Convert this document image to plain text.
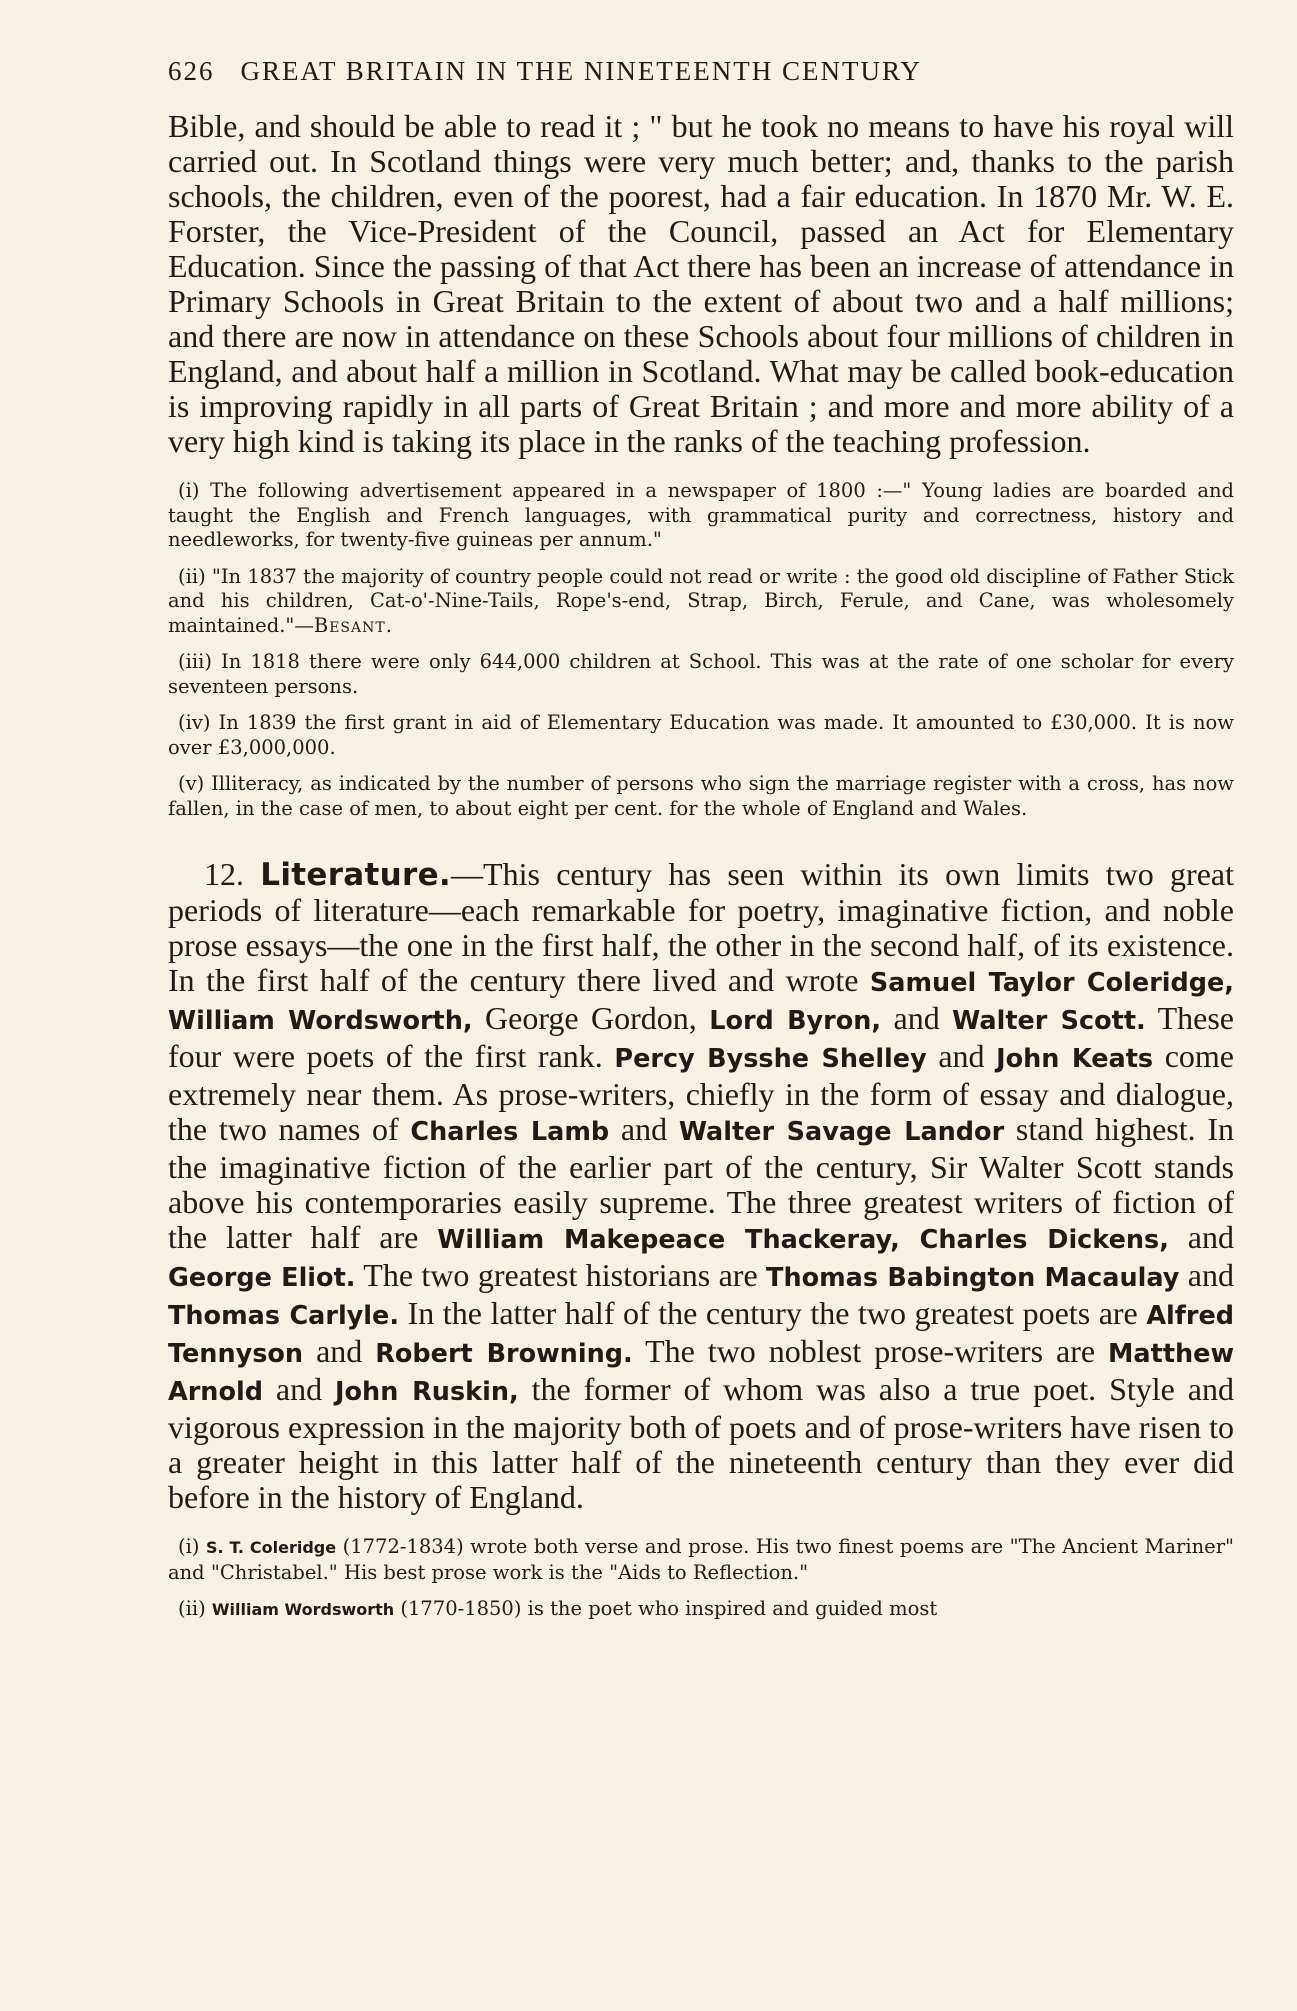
626 GREAT BRITAIN IN THE NINETEENTH CENTURY

Bible, and should be able to read it ; " but he took no means to have his royal will carried out. In Scotland things were very much better; and, thanks to the parish schools, the children, even of the poorest, had a fair education. In 1870 Mr. W. E. Forster, the Vice-President of the Council, passed an Act for Elementary Education. Since the passing of that Act there has been an increase of attendance in Primary Schools in Great Britain to the extent of about two and a half millions; and there are now in attendance on these Schools about four millions of children in England, and about half a million in Scotland. What may be called book-education is improving rapidly in all parts of Great Britain ; and more and more ability of a very high kind is taking its place in the ranks of the teaching profession.

(i) The following advertisement appeared in a newspaper of 1800 :—" Young ladies are boarded and taught the English and French languages, with grammatical purity and correctness, history and needleworks, for twenty-five guineas per annum."

(ii) "In 1837 the majority of country people could not read or write : the good old discipline of Father Stick and his children, Cat-o'-Nine-Tails, Rope's-end, Strap, Birch, Ferule, and Cane, was wholesomely maintained."—Besant.

(iii) In 1818 there were only 644,000 children at School. This was at the rate of one scholar for every seventeen persons.

(iv) In 1839 the first grant in aid of Elementary Education was made. It amounted to £30,000. It is now over £3,000,000.

(v) Illiteracy, as indicated by the number of persons who sign the marriage register with a cross, has now fallen, in the case of men, to about eight per cent. for the whole of England and Wales.

12. Literature.—This century has seen within its own limits two great periods of literature—each remarkable for poetry, imaginative fiction, and noble prose essays—the one in the first half, the other in the second half, of its existence. In the first half of the century there lived and wrote Samuel Taylor Coleridge, William Wordsworth, George Gordon, Lord Byron, and Walter Scott. These four were poets of the first rank. Percy Bysshe Shelley and John Keats come extremely near them. As prose-writers, chiefly in the form of essay and dialogue, the two names of Charles Lamb and Walter Savage Landor stand highest. In the imaginative fiction of the earlier part of the century, Sir Walter Scott stands above his contemporaries easily supreme. The three greatest writers of fiction of the latter half are William Makepeace Thackeray, Charles Dickens, and George Eliot. The two greatest historians are Thomas Babington Macaulay and Thomas Carlyle. In the latter half of the century the two greatest poets are Alfred Tennyson and Robert Browning. The two noblest prose-writers are Matthew Arnold and John Ruskin, the former of whom was also a true poet. Style and vigorous expression in the majority both of poets and of prose-writers have risen to a greater height in this latter half of the nineteenth century than they ever did before in the history of England.

(i) S. T. Coleridge (1772-1834) wrote both verse and prose. His two finest poems are "The Ancient Mariner" and "Christabel." His best prose work is the "Aids to Reflection."

(ii) William Wordsworth (1770-1850) is the poet who inspired and guided most
